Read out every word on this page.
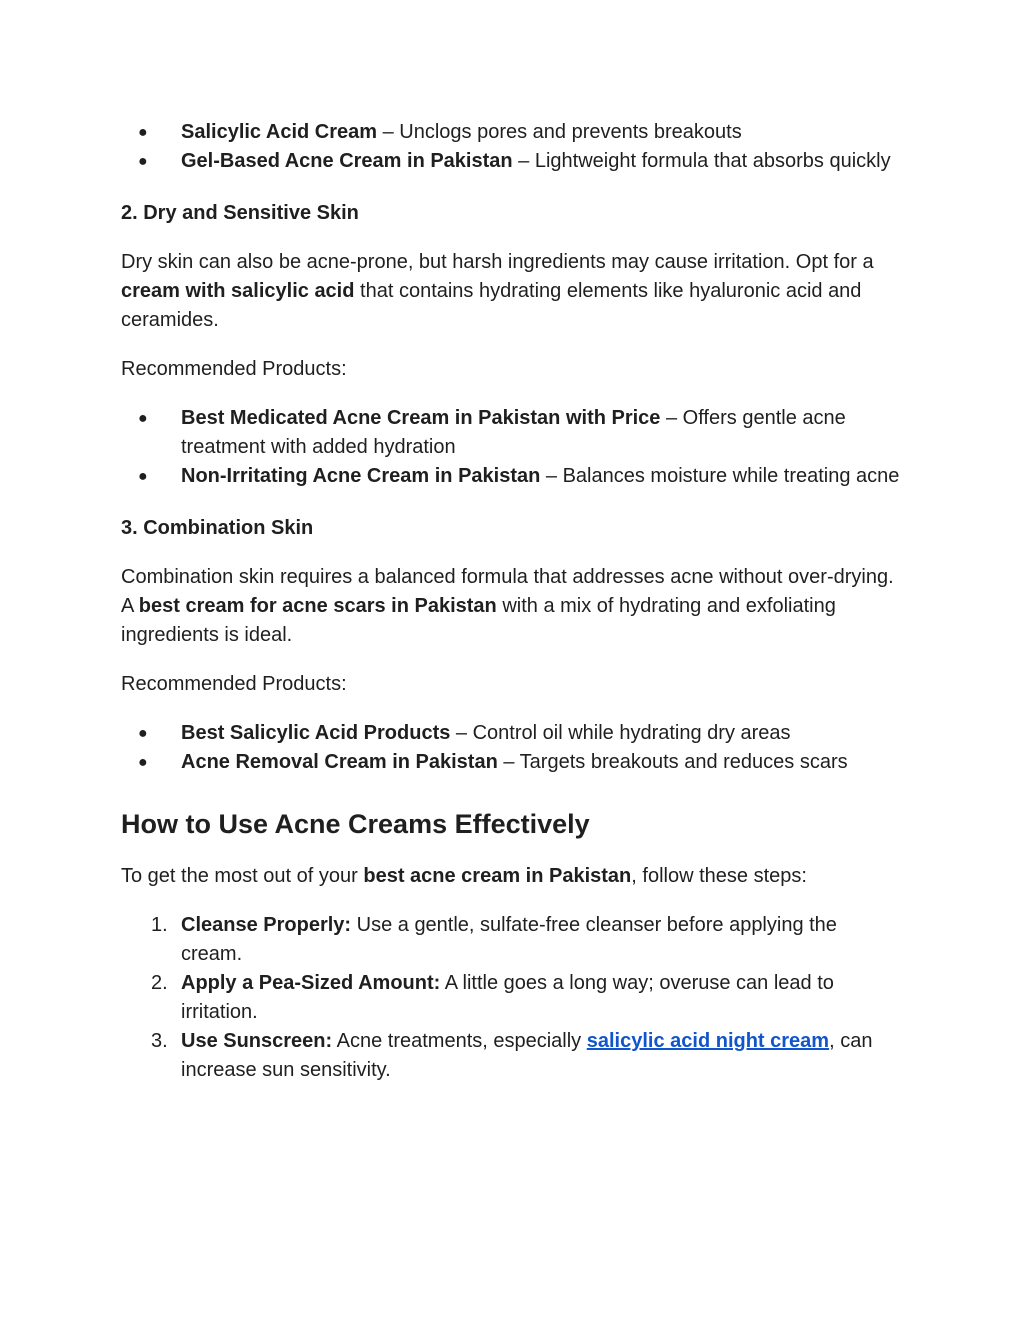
● Salicylic Acid Cream – Unclogs pores and prevents breakouts
● Gel-Based Acne Cream in Pakistan – Lightweight formula that absorbs quickly

2. Dry and Sensitive Skin

Dry skin can also be acne-prone, but harsh ingredients may cause irritation. Opt for a cream with salicylic acid that contains hydrating elements like hyaluronic acid and ceramides.

Recommended Products:

● Best Medicated Acne Cream in Pakistan with Price – Offers gentle acne treatment with added hydration
● Non-Irritating Acne Cream in Pakistan – Balances moisture while treating acne

3. Combination Skin

Combination skin requires a balanced formula that addresses acne without over-drying. A best cream for acne scars in Pakistan with a mix of hydrating and exfoliating ingredients is ideal.

Recommended Products:

● Best Salicylic Acid Products – Control oil while hydrating dry areas
● Acne Removal Cream in Pakistan – Targets breakouts and reduces scars

How to Use Acne Creams Effectively

To get the most out of your best acne cream in Pakistan, follow these steps:

1. Cleanse Properly: Use a gentle, sulfate-free cleanser before applying the cream.
2. Apply a Pea-Sized Amount: A little goes a long way; overuse can lead to irritation.
3. Use Sunscreen: Acne treatments, especially salicylic acid night cream, can increase sun sensitivity.
